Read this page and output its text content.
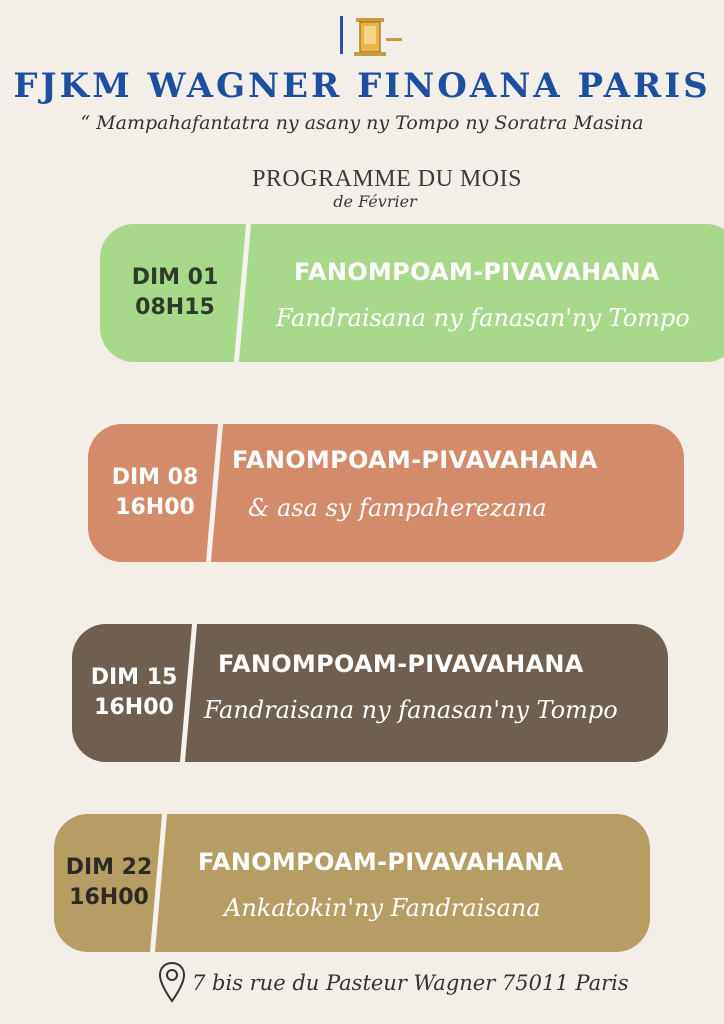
FJKM WAGNER FINOANA PARIS
“ Mampahafantatra ny asany ny Tompo ny Soratra Masina
PROGRAMME DU MOIS
de Février
DIM 01
08H15
FANOMPOAM-PIVAVAHANA
Fandraisana ny fanasan'ny Tompo
DIM 08
16H00
FANOMPOAM-PIVAVAHANA
& asa sy fampaherezana
DIM 15
16H00
FANOMPOAM-PIVAVAHANA
Fandraisana ny fanasan'ny Tompo
DIM 22
16H00
FANOMPOAM-PIVAVAHANA
Ankatokin'ny Fandraisana
7 bis rue du Pasteur Wagner 75011 Paris
